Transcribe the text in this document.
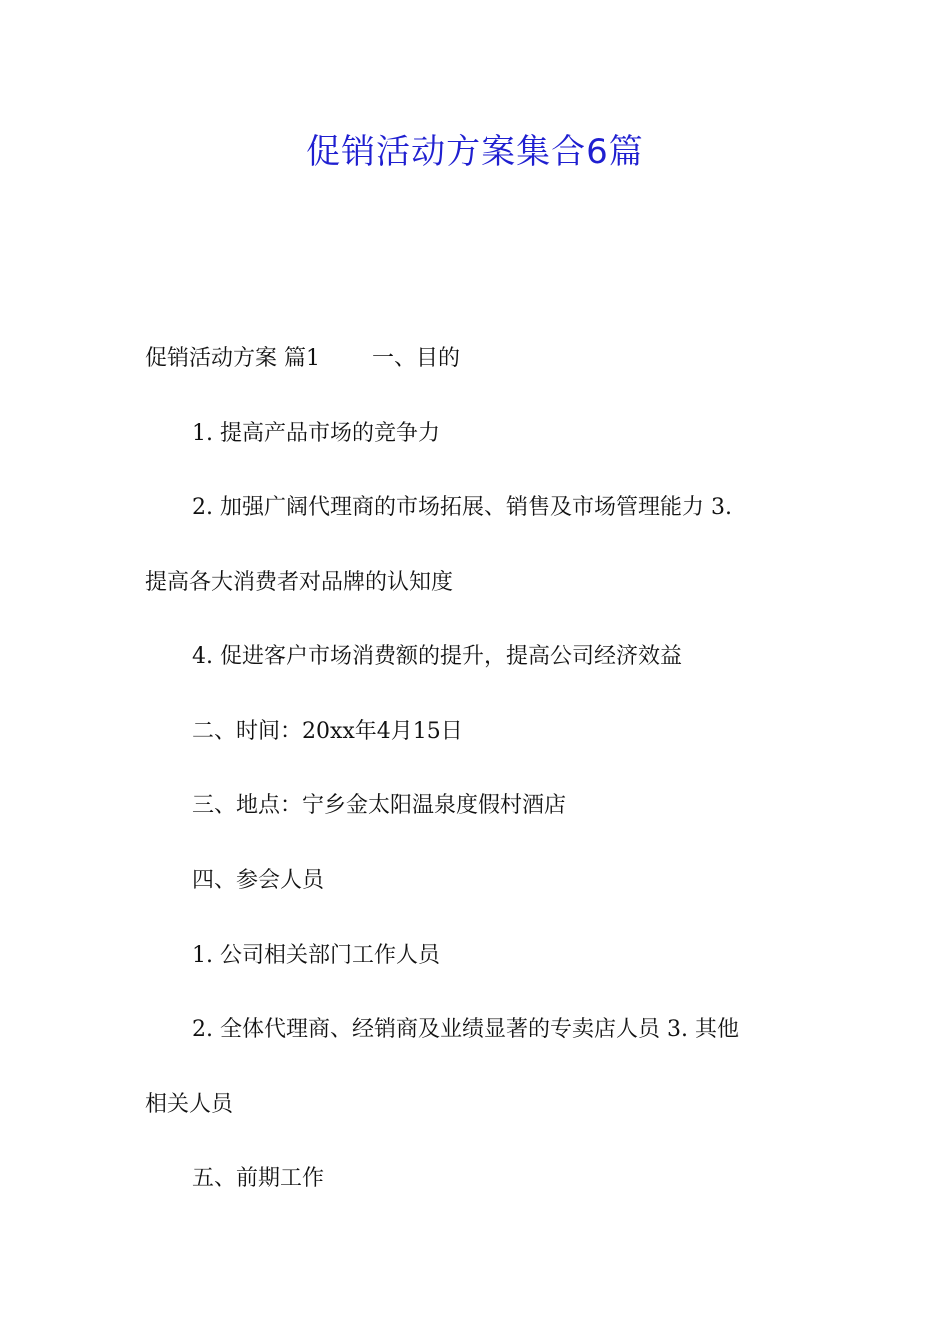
促销活动方案集合6篇
促销活动方案 篇1 一、目的
1. 提高产品市场的竞争力
2. 加强广阔代理商的市场拓展、销售及市场管理能力 3.
提高各大消费者对品牌的认知度
4. 促进客户市场消费额的提升，提高公司经济效益
二、时间：20xx年4月15日
三、地点：宁乡金太阳温泉度假村酒店
四、参会人员
1. 公司相关部门工作人员
2. 全体代理商、经销商及业绩显著的专卖店人员 3. 其他
相关人员
五、前期工作
